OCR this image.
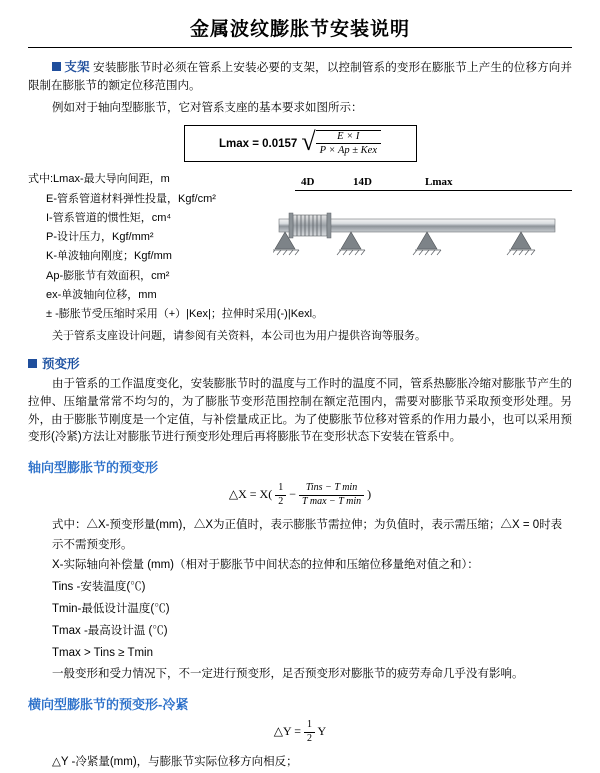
金属波纹膨胀节安装说明
支架 安装膨胀节时必须在管系上安装必要的支架，以控制管系的变形在膨胀节上产生的位移方向并限制在膨胀节的额定位移范围内。
例如对于轴向型膨胀节，它对管系支座的基本要求如图所示：
Lmax = 0.0157 √ $\frac{E \times I}{\text{P × Ap ± Kex}}$
式中:Lmax-最大导向间距，m
E-管系管道材料弹性投量，Kgf/cm²
I-管系管道的惯性矩，cm⁴
P-设计压力，Kgf/mm²
K-单波轴向刚度；Kgf/mm
Ap-膨胀节有效面积，cm²
ex-单波轴向位移，mm
± -膨胀节受压缩时采用（+）|Kex|；拉伸时采用(-)|Kexl。
4D	14D	Lmax
关于管系支座设计问题，请参阅有关资料，本公司也为用户提供咨询等服务。
预变形
由于管系的工作温度变化，安装膨胀节时的温度与工作时的温度不同，管系热膨胀冷缩对膨胀节产生的拉伸、压缩量常常不均匀的，为了膨胀节变形范围控制在额定范围内，需要对膨胀节采取预变形处理。另外，由于膨胀节刚度是一个定值，与补偿量成正比。为了使膨胀节位移对管系的作用力最小，也可以采用预变形(冷紧)方法让对膨胀节进行预变形处理后再将膨胀节在变形状态下安装在管系中。
轴向型膨胀节的预变形
△X = $X( \frac{1}{2} - \frac{\text{Tins − T min}}{\text{T max − T min}}$ )
式中：△X-预变形量(mm)，△X为正值时，表示膨胀节需拉伸；为负值时，表示需压缩；△X = 0时表示不需预变形。
X-实际轴向补偿量 (mm)（相对于膨胀节中间状态的拉伸和压缩位移量绝对值之和）：
Tins -安装温度(℃)
Tmin-最低设计温度(℃)
Tmax -最高设计温 (℃)
Tmax > Tins ≥ Tmin
一般变形和受力情况下，不一定进行预变形，足否预变形对膨胀节的疲劳寿命几乎没有影响。
横向型膨胀节的预变形-冷紧
△Y = $\frac{1}{2}$ Y
△Y -冷紧量(mm)，与膨胀节实际位移方向相反；
